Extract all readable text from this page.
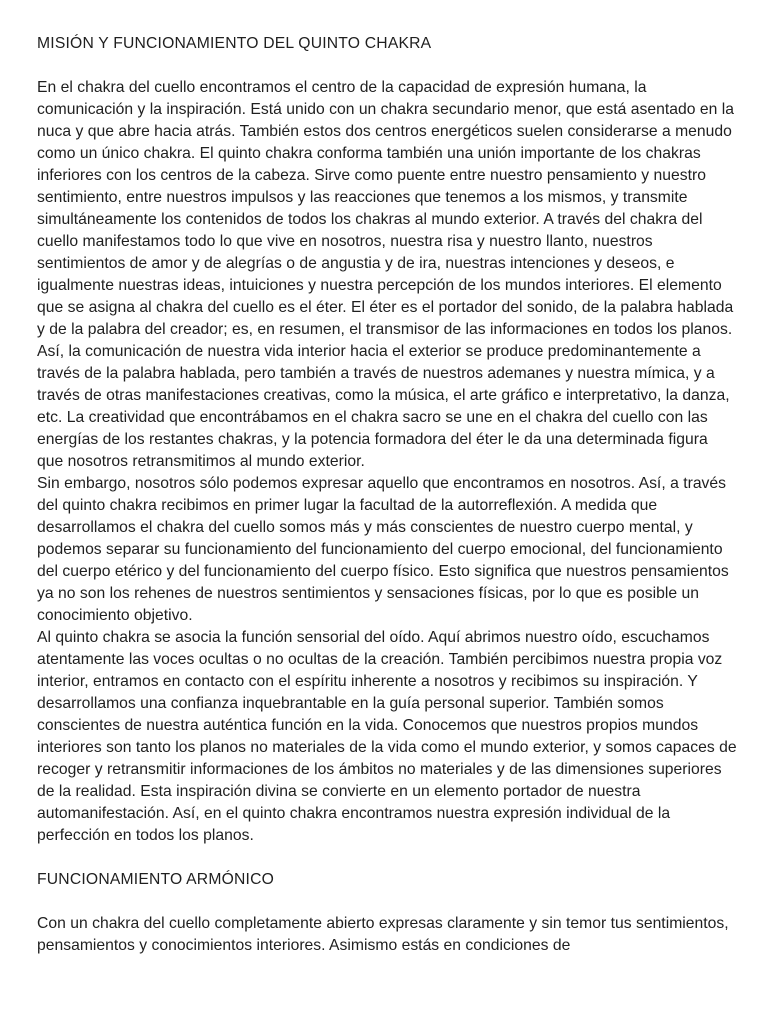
MISIÓN Y FUNCIONAMIENTO DEL QUINTO CHAKRA

En el chakra del cuello encontramos el centro de la capacidad de expresión humana, la comunicación y la inspiración. Está unido con un chakra secundario menor, que está asentado en la nuca y que abre hacia atrás. También estos dos centros energéticos suelen considerarse a menudo como un único chakra. El quinto chakra conforma también una unión importante de los chakras inferiores con los centros de la cabeza. Sirve como puente entre nuestro pensamiento y nuestro sentimiento, entre nuestros impulsos y las reacciones que tenemos a los mismos, y transmite simultáneamente los contenidos de todos los chakras al mundo exterior. A través del chakra del cuello manifestamos todo lo que vive en nosotros, nuestra risa y nuestro llanto, nuestros sentimientos de amor y de alegrías o de angustia y de ira, nuestras intenciones y deseos, e igualmente nuestras ideas, intuiciones y nuestra percepción de los mundos interiores. El elemento que se asigna al chakra del cuello es el éter. El éter es el portador del sonido, de la palabra hablada y de la palabra del creador; es, en resumen, el transmisor de las informaciones en todos los planos.

Así, la comunicación de nuestra vida interior hacia el exterior se produce predominantemente a través de la palabra hablada, pero también a través de nuestros ademanes y nuestra mímica, y a través de otras manifestaciones creativas, como la música, el arte gráfico e interpretativo, la danza, etc. La creatividad que encontrábamos en el chakra sacro se une en el chakra del cuello con las energías de los restantes chakras, y la potencia formadora del éter le da una determinada figura que nosotros retransmitimos al mundo exterior.

Sin embargo, nosotros sólo podemos expresar aquello que encontramos en nosotros. Así, a través del quinto chakra recibimos en primer lugar la facultad de la autorreflexión. A medida que desarrollamos el chakra del cuello somos más y más conscientes de nuestro cuerpo mental, y podemos separar su funcionamiento del funcionamiento del cuerpo emocional, del funcionamiento del cuerpo etérico y del funcionamiento del cuerpo físico. Esto significa que nuestros pensamientos ya no son los rehenes de nuestros sentimientos y sensaciones físicas, por lo que es posible un conocimiento objetivo.

Al quinto chakra se asocia la función sensorial del oído. Aquí abrimos nuestro oído, escuchamos atentamente las voces ocultas o no ocultas de la creación. También percibimos nuestra propia voz interior, entramos en contacto con el espíritu inherente a nosotros y recibimos su inspiración. Y desarrollamos una confianza inquebrantable en la guía personal superior. También somos conscientes de nuestra auténtica función en la vida. Conocemos que nuestros propios mundos interiores son tanto los planos no materiales de la vida como el mundo exterior, y somos capaces de recoger y retransmitir informaciones de los ámbitos no materiales y de las dimensiones superiores de la realidad. Esta inspiración divina se convierte en un elemento portador de nuestra automanifestación. Así, en el quinto chakra encontramos nuestra expresión individual de la perfección en todos los planos.

FUNCIONAMIENTO ARMÓNICO

Con un chakra del cuello completamente abierto expresas claramente y sin temor tus sentimientos, pensamientos y conocimientos interiores. Asimismo estás en condiciones de
